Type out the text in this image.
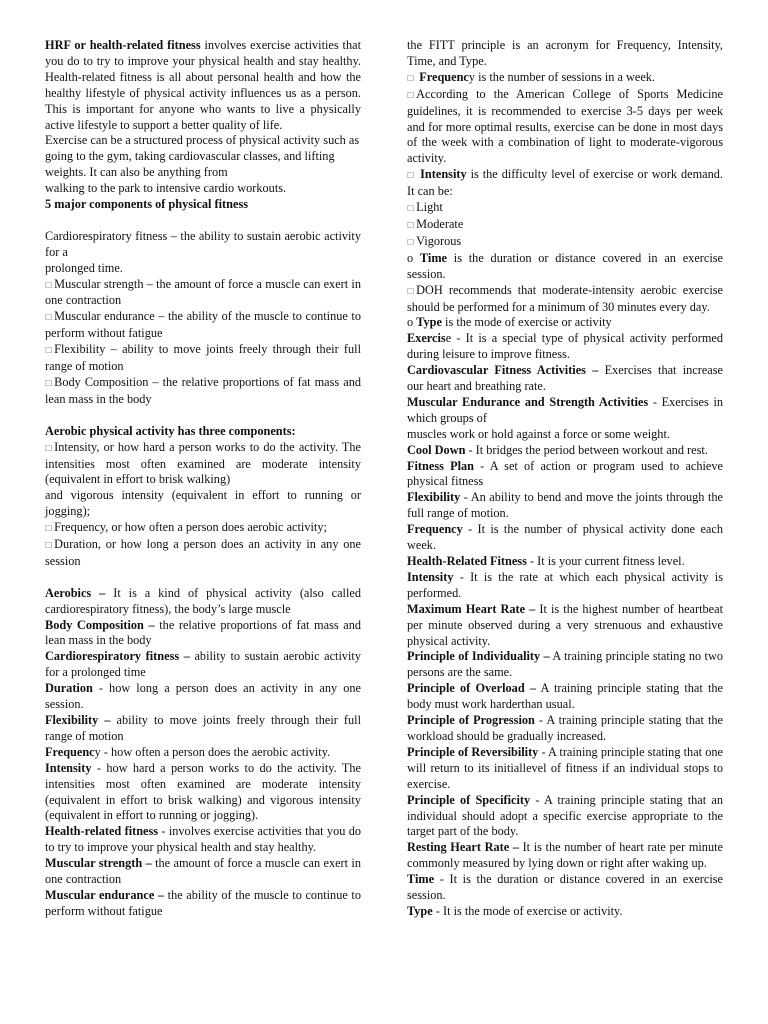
HRF or health-related fitness involves exercise activities that you do to try to improve your physical health and stay healthy. Health-related fitness is all about personal health and how the healthy lifestyle of physical activity influences us as a person. This is important for anyone who wants to live a physically active lifestyle to support a better quality of life.

Exercise can be a structured process of physical activity such as going to the gym, taking cardiovascular classes, and lifting weights. It can also be anything from

walking to the park to intensive cardio workouts.

5 major components of physical fitness

Cardiorespiratory fitness – the ability to sustain aerobic activity for a

prolonged time.

☐ Muscular strength – the amount of force a muscle can exert in one contraction

☐ Muscular endurance – the ability of the muscle to continue to perform without fatigue

☐ Flexibility – ability to move joints freely through their full range of motion

☐ Body Composition – the relative proportions of fat mass and lean mass in the body

Aerobic physical activity has three components:

☐ Intensity, or how hard a person works to do the activity. The intensities most often examined are moderate intensity (equivalent in effort to brisk walking)

and vigorous intensity (equivalent in effort to running or jogging);

☐ Frequency, or how often a person does aerobic activity;

☐ Duration, or how long a person does an activity in any one session

Aerobics – It is a kind of physical activity (also called cardiorespiratory fitness), the body’s large muscle

Body Composition – the relative proportions of fat mass and lean mass in the body

Cardiorespiratory fitness – ability to sustain aerobic activity for a prolonged time

Duration - how long a person does an activity in any one session.

Flexibility – ability to move joints freely through their full range of motion

Frequency - how often a person does the aerobic activity.

Intensity - how hard a person works to do the activity. The intensities most often examined are moderate intensity (equivalent in effort to brisk walking) and vigorous intensity (equivalent in effort to running or jogging).

Health-related fitness - involves exercise activities that you do to try to improve your physical health and stay healthy.

Muscular strength – the amount of force a muscle can exert in one contraction

Muscular endurance – the ability of the muscle to continue to perform without fatigue

the FITT principle is an acronym for Frequency, Intensity, Time, and Type.

☐ Frequency is the number of sessions in a week.

☐ According to the American College of Sports Medicine guidelines, it is recommended to exercise 3-5 days per week and for more optimal results, exercise can be done in most days of the week with a combination of light to moderate-vigorous activity.

☐ Intensity is the difficulty level of exercise or work demand. It can be:

☐ Light

☐ Moderate

☐ Vigorous

o Time is the duration or distance covered in an exercise session.

☐ DOH recommends that moderate-intensity aerobic exercise should be performed for a minimum of 30 minutes every day.

o Type is the mode of exercise or activity

Exercise - It is a special type of physical activity performed during leisure to improve fitness.

Cardiovascular Fitness Activities – Exercises that increase our heart and breathing rate.

Muscular Endurance and Strength Activities - Exercises in which groups of

muscles work or hold against a force or some weight.

Cool Down - It bridges the period between workout and rest.

Fitness Plan - A set of action or program used to achieve physical fitness

Flexibility - An ability to bend and move the joints through the full range of motion.

Frequency - It is the number of physical activity done each week.

Health-Related Fitness - It is your current fitness level.

Intensity - It is the rate at which each physical activity is performed.

Maximum Heart Rate – It is the highest number of heartbeat per minute observed during a very strenuous and exhaustive physical activity.

Principle of Individuality – A training principle stating no two persons are the same.

Principle of Overload – A training principle stating that the body must work harderthan usual.

Principle of Progression - A training principle stating that the workload should be gradually increased.

Principle of Reversibility - A training principle stating that one will return to its initiallevel of fitness if an individual stops to exercise.

Principle of Specificity - A training principle stating that an individual should adopt a specific exercise appropriate to the target part of the body.

Resting Heart Rate – It is the number of heart rate per minute commonly measured by lying down or right after waking up.

Time - It is the duration or distance covered in an exercise session.

Type - It is the mode of exercise or activity.
